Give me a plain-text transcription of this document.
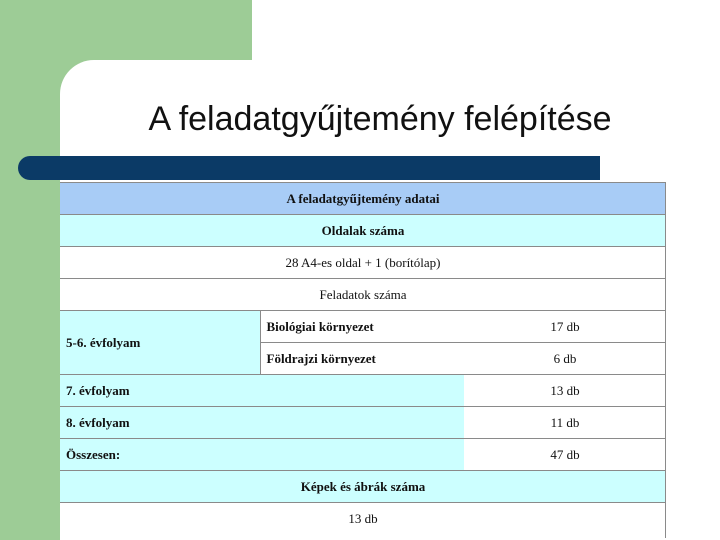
A feladatgyűjtemény felépítése
A feladatgyűjtemény adatai		
Oldalak száma		
28 A4-es oldal + 1 (borítólap)		
Feladatok száma		
5-6. évfolyam	Biológiai környezet	17 db
	Földrajzi környezet	6 db
7. évfolyam		13 db
8. évfolyam		11 db
Összesen:		47 db
Képek és ábrák száma		
13 db		
